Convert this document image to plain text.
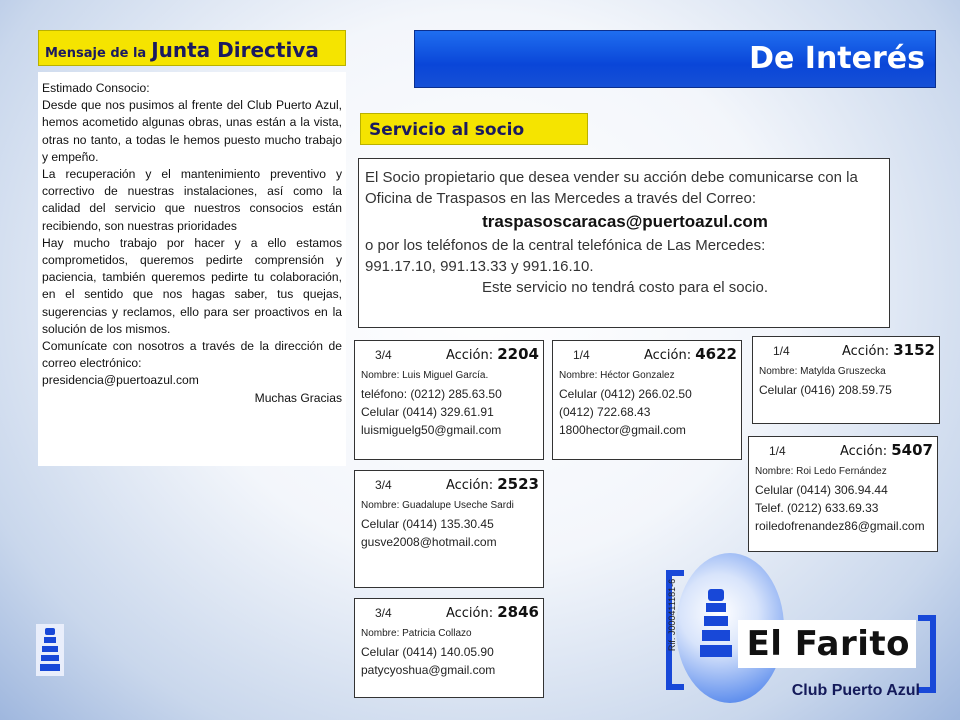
Mensaje de la Junta Directiva

Estimado Consocio:

Desde que nos pusimos al frente del Club Puerto Azul, hemos acometido algunas obras, unas están a la vista, otras no tanto, a todas le hemos puesto mucho trabajo y empeño.

La recuperación y el mantenimiento preventivo y correctivo de nuestras instalaciones, así como la calidad del servicio que nuestros consocios están recibiendo, son nuestras prioridades

Hay mucho trabajo por hacer y a ello estamos comprometidos, queremos pedirte comprensión y paciencia, también queremos pedirte tu colaboración, en el sentido que nos hagas saber, tus quejas, sugerencias y reclamos, ello para ser proactivos en la solución de los mismos.

Comunícate con nosotros a través de la dirección de correo electrónico:

presidencia@puertoazul.com

Muchas Gracias

De Interés
Servicio al socio

El Socio propietario que desea vender su acción debe comunicarse con la Oficina de Traspasos en las Mercedes a través del Correo:

traspasoscaracas@puertoazul.com

o por los teléfonos de la central telefónica de Las Mercedes:

991.17.10, 991.13.33 y 991.16.10.

Este servicio no tendrá costo para el socio.

3/4	Acción: 2204
Nombre: Luis Miguel García.
teléfono: (0212) 285.63.50
Celular (0414) 329.61.91
luismiguelg50@gmail.com
1/4	Acción: 4622
Nombre: Héctor Gonzalez
Celular (0412) 266.02.50
(0412) 722.68.43
1800hector@gmail.com
1/4	Acción: 3152
Nombre: Matylda Gruszecka
Celular (0416) 208.59.75
1/4	Acción: 5407
Nombre: Roi Ledo Fernández
Celular (0414) 306.94.44
Telef. (0212) 633.69.33
roiledofrenandez86@gmail.com
3/4	Acción: 2523
Nombre: Guadalupe Useche Sardi
Celular (0414) 135.30.45
gusve2008@hotmail.com
3/4	Acción: 2846
Nombre: Patricia Collazo
Celular (0414) 140.05.90
patycyoshua@gmail.com
Rif. J000411181-6 El Farito
Club Puerto Azul
